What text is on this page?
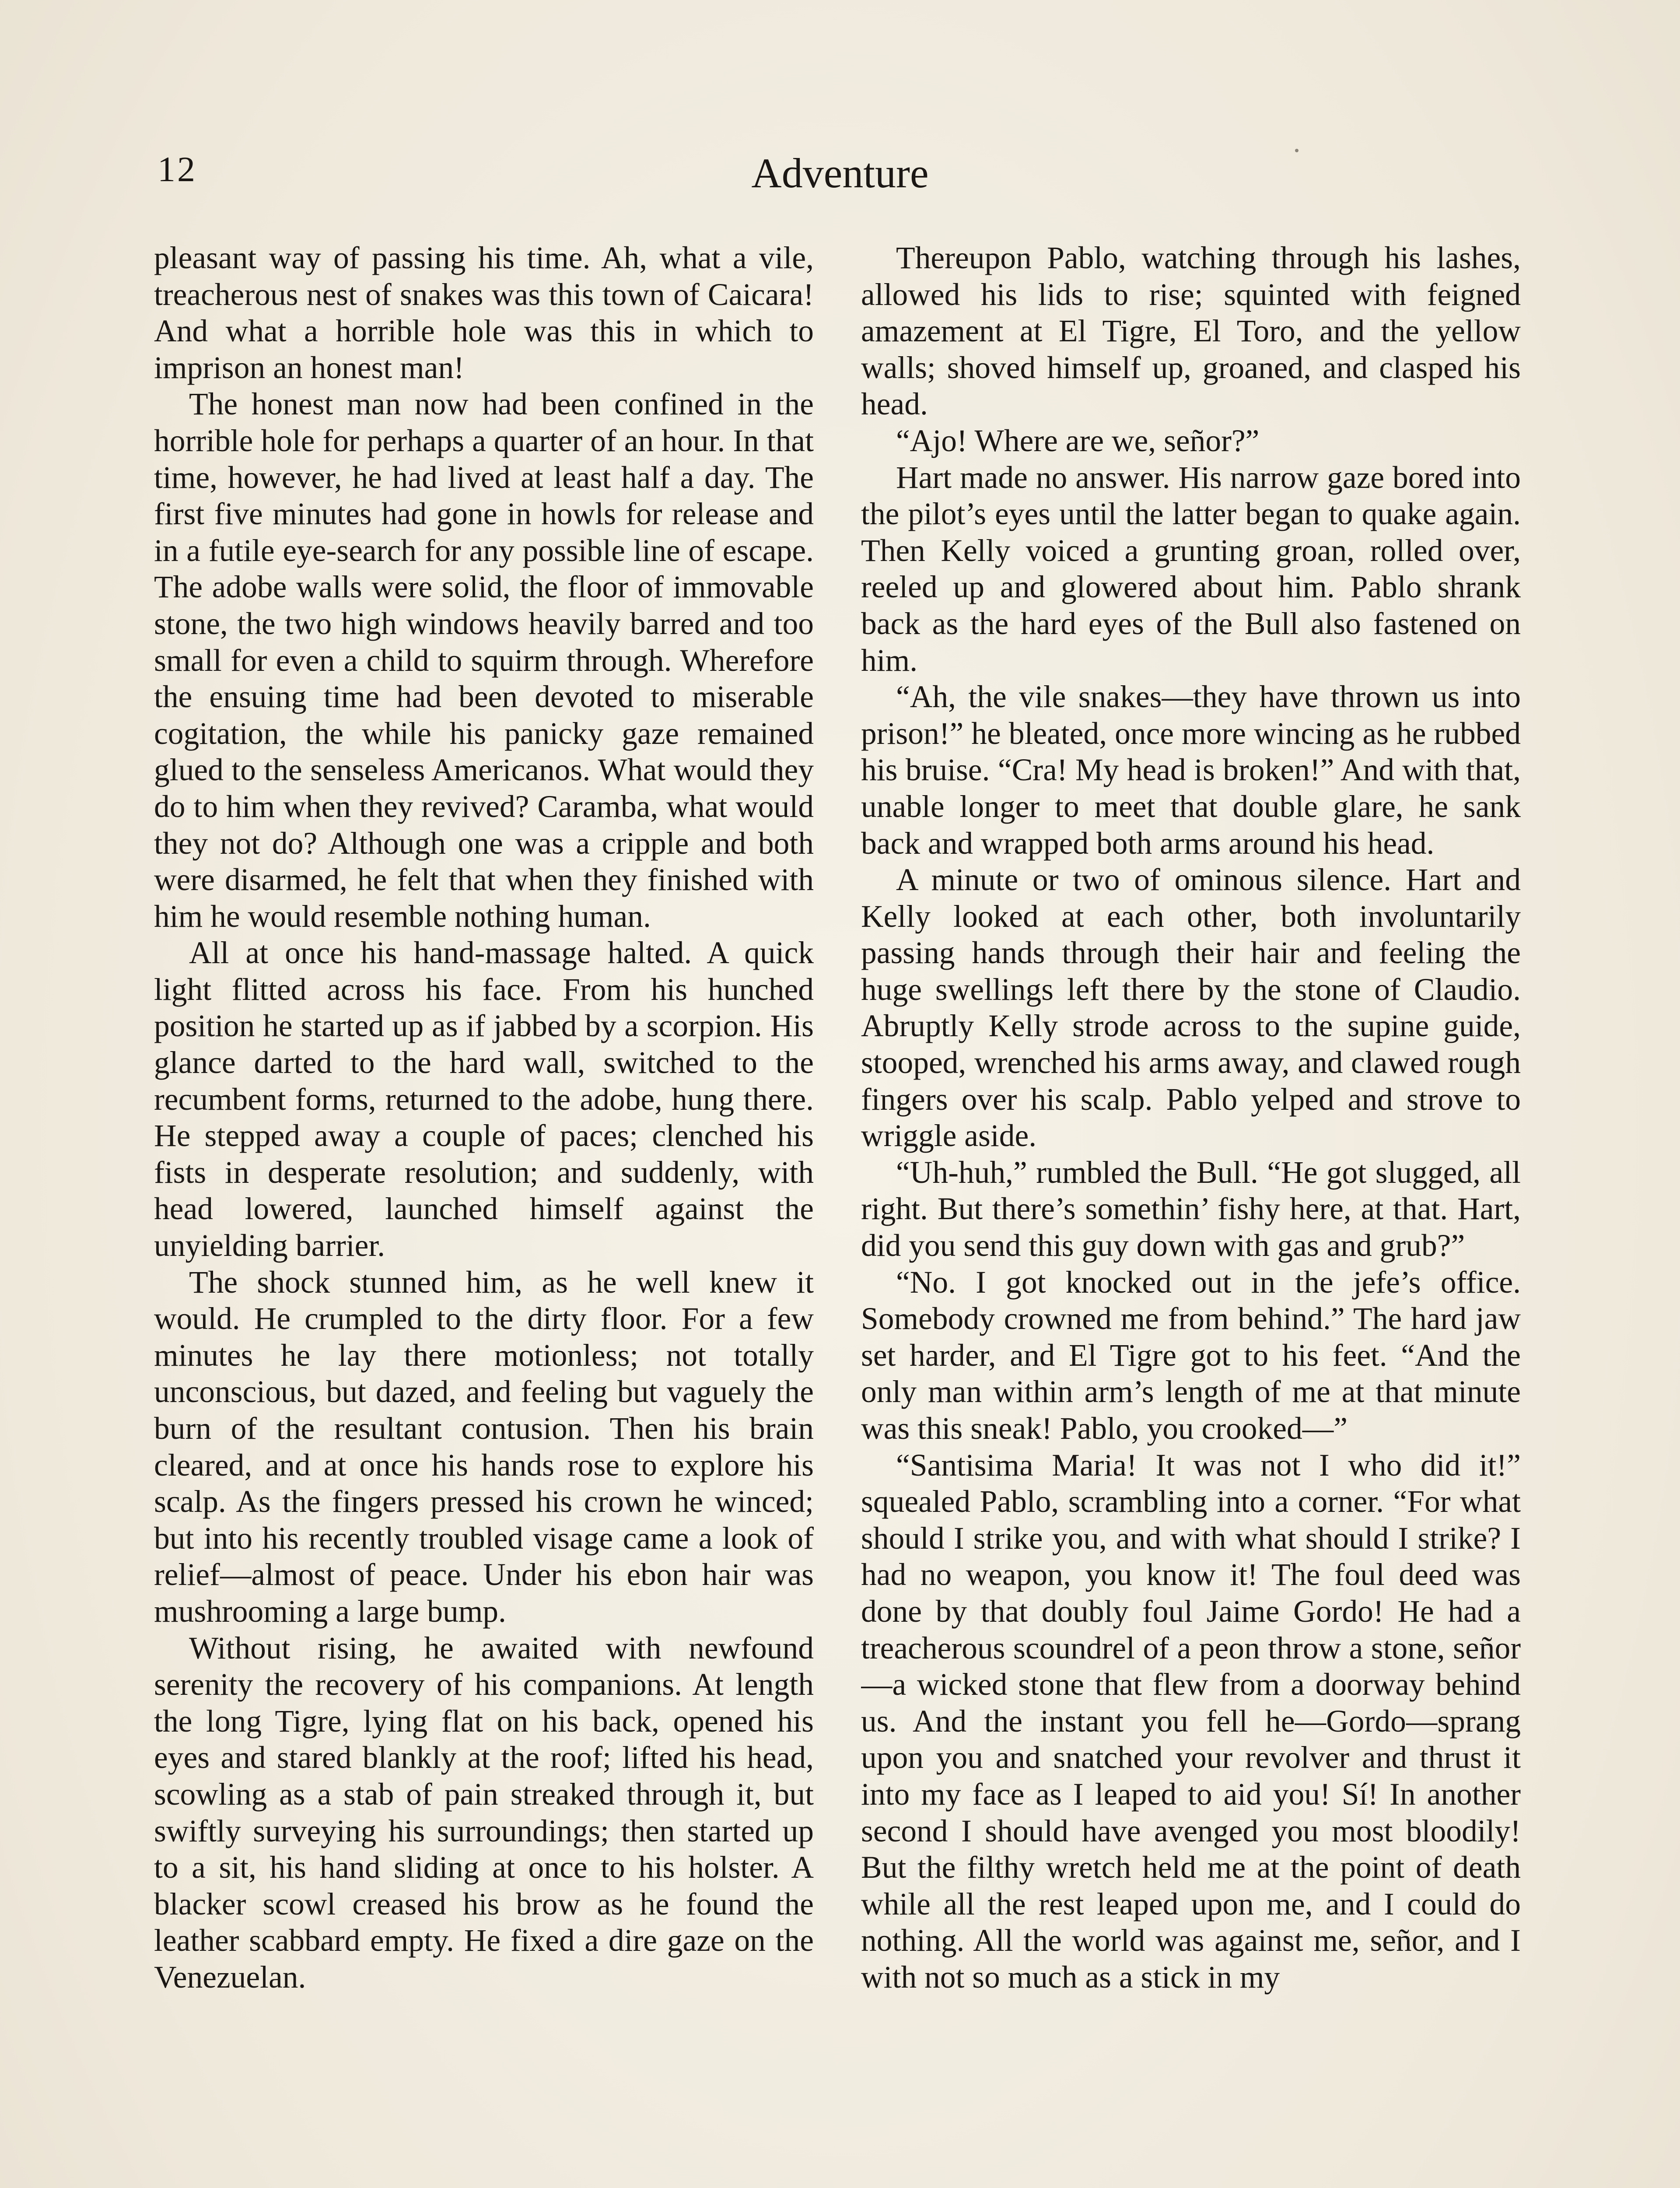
12	Adventure

pleasant way of passing his time. Ah, what a vile, treacherous nest of snakes was this town of Caicara! And what a horrible hole was this in which to imprison an honest man!

The honest man now had been confined in the horrible hole for perhaps a quarter of an hour. In that time, however, he had lived at least half a day. The first five minutes had gone in howls for release and in a futile eye-search for any possible line of escape. The adobe walls were solid, the floor of immovable stone, the two high windows heavily barred and too small for even a child to squirm through. Wherefore the ensuing time had been devoted to miserable cogitation, the while his panicky gaze remained glued to the senseless Americanos. What would they do to him when they revived? Caramba, what would they not do? Although one was a cripple and both were disarmed, he felt that when they finished with him he would resemble nothing human.

All at once his hand-massage halted. A quick light flitted across his face. From his hunched position he started up as if jabbed by a scorpion. His glance darted to the hard wall, switched to the recumbent forms, returned to the adobe, hung there. He stepped away a couple of paces; clenched his fists in desperate resolution; and suddenly, with head lowered, launched himself against the unyielding barrier.

The shock stunned him, as he well knew it would. He crumpled to the dirty floor. For a few minutes he lay there motionless; not totally unconscious, but dazed, and feeling but vaguely the burn of the resultant contusion. Then his brain cleared, and at once his hands rose to explore his scalp. As the fingers pressed his crown he winced; but into his recently troubled visage came a look of relief—almost of peace. Under his ebon hair was mushrooming a large bump.

Without rising, he awaited with newfound serenity the recovery of his companions. At length the long Tigre, lying flat on his back, opened his eyes and stared blankly at the roof; lifted his head, scowling as a stab of pain streaked through it, but swiftly surveying his surroundings; then started up to a sit, his hand sliding at once to his holster. A blacker scowl creased his brow as he found the leather scabbard empty. He fixed a dire gaze on the Venezuelan.

Thereupon Pablo, watching through his lashes, allowed his lids to rise; squinted with feigned amazement at El Tigre, El Toro, and the yellow walls; shoved himself up, groaned, and clasped his head.

“Ajo! Where are we, señor?”

Hart made no answer. His narrow gaze bored into the pilot’s eyes until the latter began to quake again. Then Kelly voiced a grunting groan, rolled over, reeled up and glowered about him. Pablo shrank back as the hard eyes of the Bull also fastened on him.

“Ah, the vile snakes—they have thrown us into prison!” he bleated, once more wincing as he rubbed his bruise. “Cra! My head is broken!” And with that, unable longer to meet that double glare, he sank back and wrapped both arms around his head.

A minute or two of ominous silence. Hart and Kelly looked at each other, both involuntarily passing hands through their hair and feeling the huge swellings left there by the stone of Claudio. Abruptly Kelly strode across to the supine guide, stooped, wrenched his arms away, and clawed rough fingers over his scalp. Pablo yelped and strove to wriggle aside.

“Uh-huh,” rumbled the Bull. “He got slugged, all right. But there’s somethin’ fishy here, at that. Hart, did you send this guy down with gas and grub?”

“No. I got knocked out in the jefe’s office. Somebody crowned me from behind.” The hard jaw set harder, and El Tigre got to his feet. “And the only man within arm’s length of me at that minute was this sneak! Pablo, you crooked—”

“Santisima Maria! It was not I who did it!” squealed Pablo, scrambling into a corner. “For what should I strike you, and with what should I strike? I had no weapon, you know it! The foul deed was done by that doubly foul Jaime Gordo! He had a treacherous scoundrel of a peon throw a stone, señor—a wicked stone that flew from a doorway behind us. And the instant you fell he—Gordo—sprang upon you and snatched your revolver and thrust it into my face as I leaped to aid you! Sí! In another second I should have avenged you most bloodily! But the filthy wretch held me at the point of death while all the rest leaped upon me, and I could do nothing. All the world was against me, señor, and I with not so much as a stick in my
